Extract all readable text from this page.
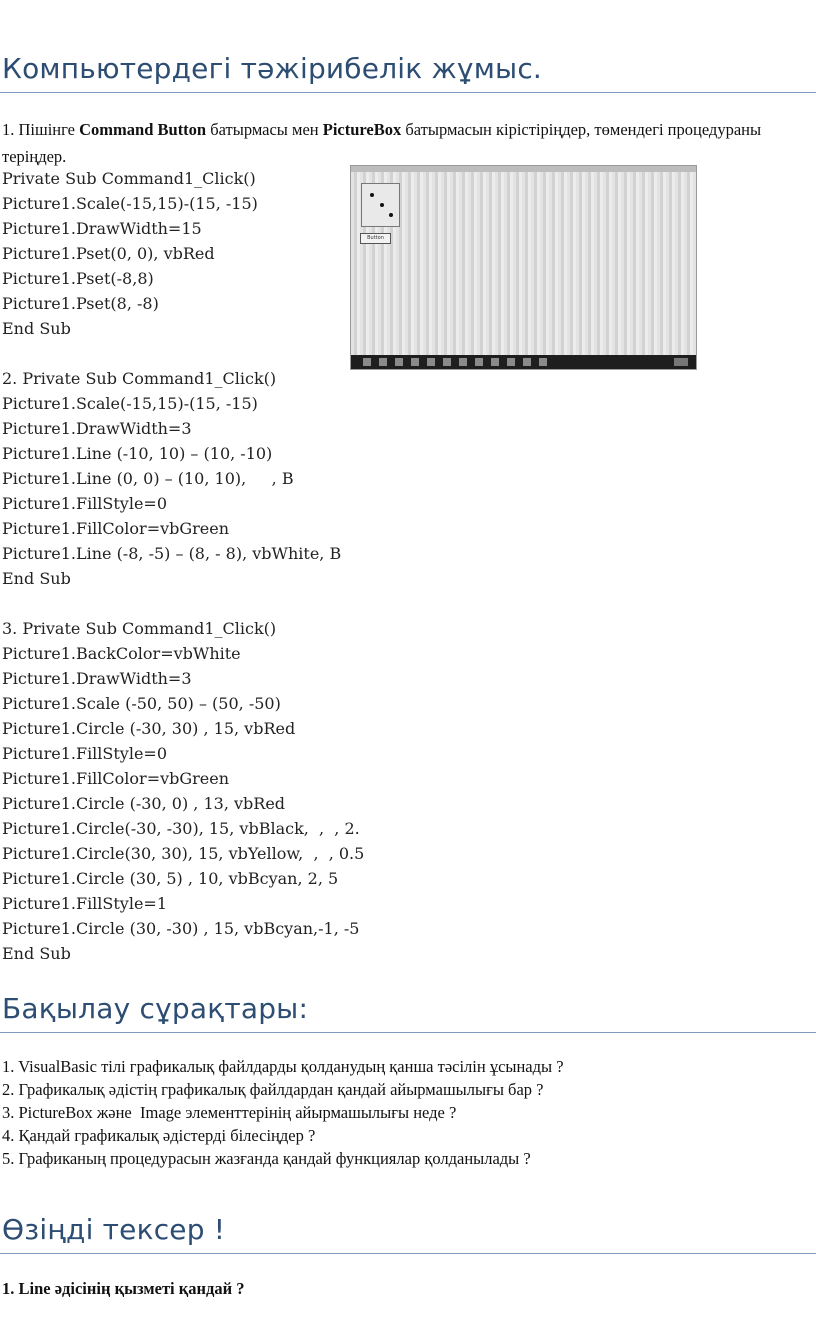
Компьютердегі тәжірибелік жұмыс.
1. Пішінге Command Button батырмасы мен PictureBox батырмасын кірістіріңдер, төмендегі процедураны теріңдер.
Private Sub Command1_Click()
Picture1.Scale(-15,15)-(15, -15)
Picture1.DrawWidth=15
Picture1.Pset(0, 0), vbRed
Picture1.Pset(-8,8)
Picture1.Pset(8, -8)
End Sub
2. Private Sub Command1_Click()
Picture1.Scale(-15,15)-(15, -15)
Picture1.DrawWidth=3
Picture1.Line (-10, 10) – (10, -10)
Picture1.Line (0, 0) – (10, 10),     , B
Picture1.FillStyle=0
Picture1.FillColor=vbGreen
Picture1.Line (-8, -5) – (8, - 8), vbWhite, B
End Sub
3. Private Sub Command1_Click()
Picture1.BackColor=vbWhite
Picture1.DrawWidth=3
Picture1.Scale (-50, 50) – (50, -50)
Picture1.Circle (-30, 30) , 15, vbRed
Picture1.FillStyle=0
Picture1.FillColor=vbGreen
Picture1.Circle (-30, 0) , 13, vbRed
Picture1.Circle(-30, -30), 15, vbBlack,  ,  , 2.
Picture1.Circle(30, 30), 15, vbYellow,  ,  , 0.5
Picture1.Circle (30, 5) , 10, vbBcyan, 2, 5
Picture1.FillStyle=1
Picture1.Circle (30, -30) , 15, vbBcyan,-1, -5
End Sub
Button
Бақылау сұрақтары:
1. VisualBasic тілі графикалық файлдарды қолданудың қанша тәсілін ұсынады ?
2. Графикалық әдістің графикалық файлдардан қандай айырмашылығы бар ?
3. PictureBox және  Image элементтерінің айырмашылығы неде ?
4. Қандай графикалық әдістерді білесіңдер ?
5. Графиканың процедурасын жазғанда қандай функциялар қолданылады ?
Өзіңді тексер !
1. Line әдісінің қызметі қандай ?
